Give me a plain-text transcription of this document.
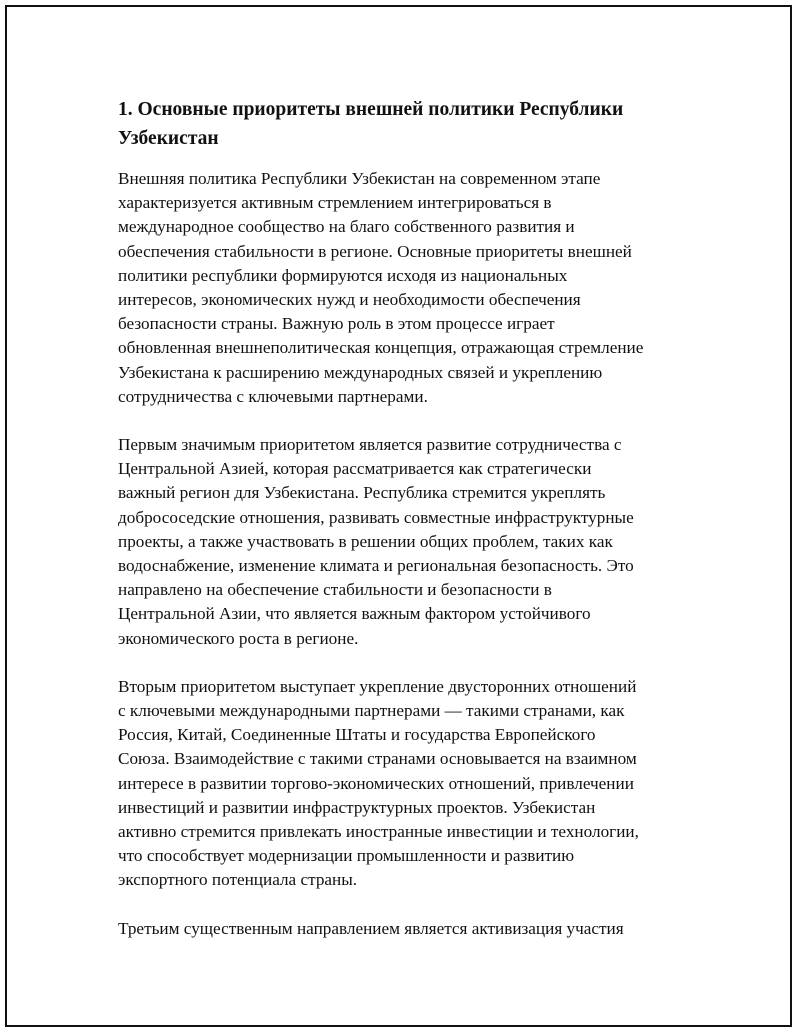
1. Основные приоритеты внешней политики Республики
Узбекистан

Внешняя политика Республики Узбекистан на современном этапе
характеризуется активным стремлением интегрироваться в
международное сообщество на благо собственного развития и
обеспечения стабильности в регионе. Основные приоритеты внешней
политики республики формируются исходя из национальных
интересов, экономических нужд и необходимости обеспечения
безопасности страны. Важную роль в этом процессе играет
обновленная внешнеполитическая концепция, отражающая стремление
Узбекистана к расширению международных связей и укреплению
сотрудничества с ключевыми партнерами.

Первым значимым приоритетом является развитие сотрудничества с
Центральной Азией, которая рассматривается как стратегически
важный регион для Узбекистана. Республика стремится укреплять
добрососедские отношения, развивать совместные инфраструктурные
проекты, а также участвовать в решении общих проблем, таких как
водоснабжение, изменение климата и региональная безопасность. Это
направлено на обеспечение стабильности и безопасности в
Центральной Азии, что является важным фактором устойчивого
экономического роста в регионе.

Вторым приоритетом выступает укрепление двусторонних отношений
с ключевыми международными партнерами — такими странами, как
Россия, Китай, Соединенные Штаты и государства Европейского
Союза. Взаимодействие с такими странами основывается на взаимном
интересе в развитии торгово-экономических отношений, привлечении
инвестиций и развитии инфраструктурных проектов. Узбекистан
активно стремится привлекать иностранные инвестиции и технологии,
что способствует модернизации промышленности и развитию
экспортного потенциала страны.

Третьим существенным направлением является активизация участия
